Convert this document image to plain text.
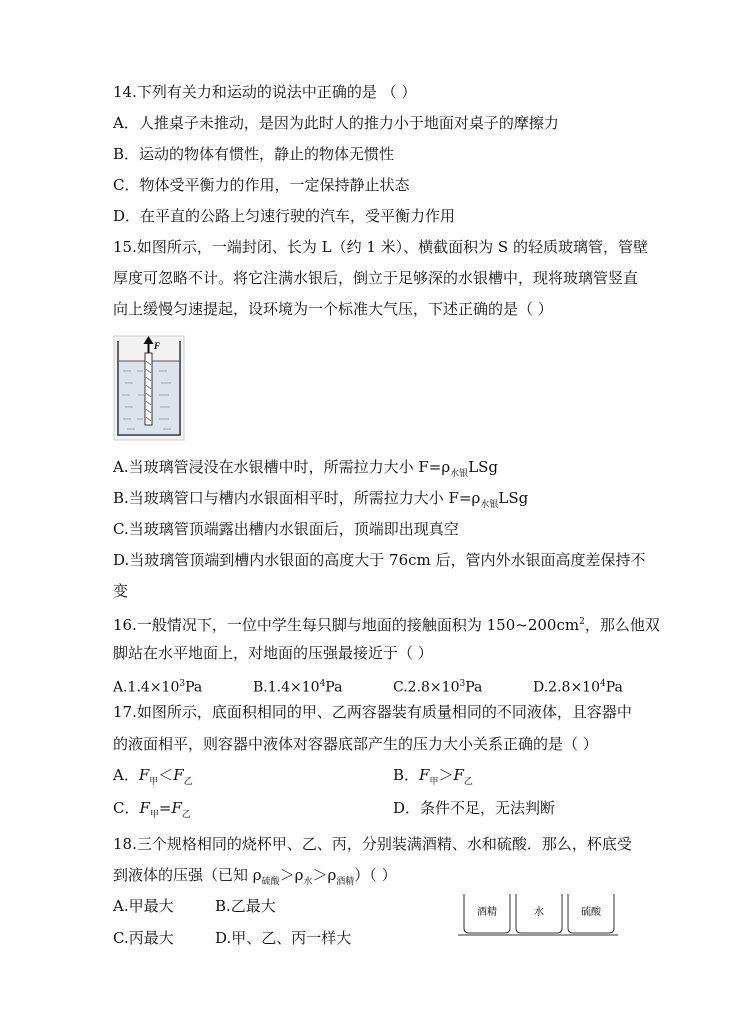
14.下列有关力和运动的说法中正确的是 （ ）
A．人推桌子未推动，是因为此时人的推力小于地面对桌子的摩擦力
B．运动的物体有惯性，静止的物体无惯性
C．物体受平衡力的作用，一定保持静止状态
D．在平直的公路上匀速行驶的汽车，受平衡力作用
15.如图所示，一端封闭、长为 L（约 1 米）、横截面积为 S 的轻质玻璃管，管壁
厚度可忽略不计。将它注满水银后，倒立于足够深的水银槽中，现将玻璃管竖直
向上缓慢匀速提起，设环境为一个标准大气压，下述正确的是（ ）
F
A.当玻璃管浸没在水银槽中时，所需拉力大小 $F=\rho_{水银}LSg$
B.当玻璃管口与槽内水银面相平时，所需拉力大小 $F=\rho_{水银}LSg$
C.当玻璃管顶端露出槽内水银面后，顶端即出现真空
D.当玻璃管顶端到槽内水银面的高度大于 76cm 后，管内外水银面高度差保持不
变
16.一般情况下，一位中学生每只脚与地面的接触面积为 $150\sim 200cm^2$，那么他双
脚站在水平地面上，对地面的压强最接近于（ ）
$A.1.4\times 10^3Pa$	$B.1.4\times 10^4Pa$	$C.2.8\times 10^3Pa$	$D.2.8\times 10^4Pa$
17.如图所示，底面积相同的甲、乙两容器装有质量相同的不同液体，且容器中
的液面相平，则容器中液体对容器底部产生的压力大小关系正确的是（ ）
A．$F_甲<F_乙$	B．$F_甲>F_乙$
C．$F_甲=F_乙$	D．条件不足，无法判断
18.三个规格相同的烧杯甲、乙、丙，分别装满酒精、水和硫酸．那么，杯底受
到液体的压强（已知 $\rho_{硫酸}>\rho_水>\rho_{酒精}$）（ ）
A.甲最大	B.乙最大
C.丙最大	D.甲、乙、丙一样大
酒精	水	硫酸
